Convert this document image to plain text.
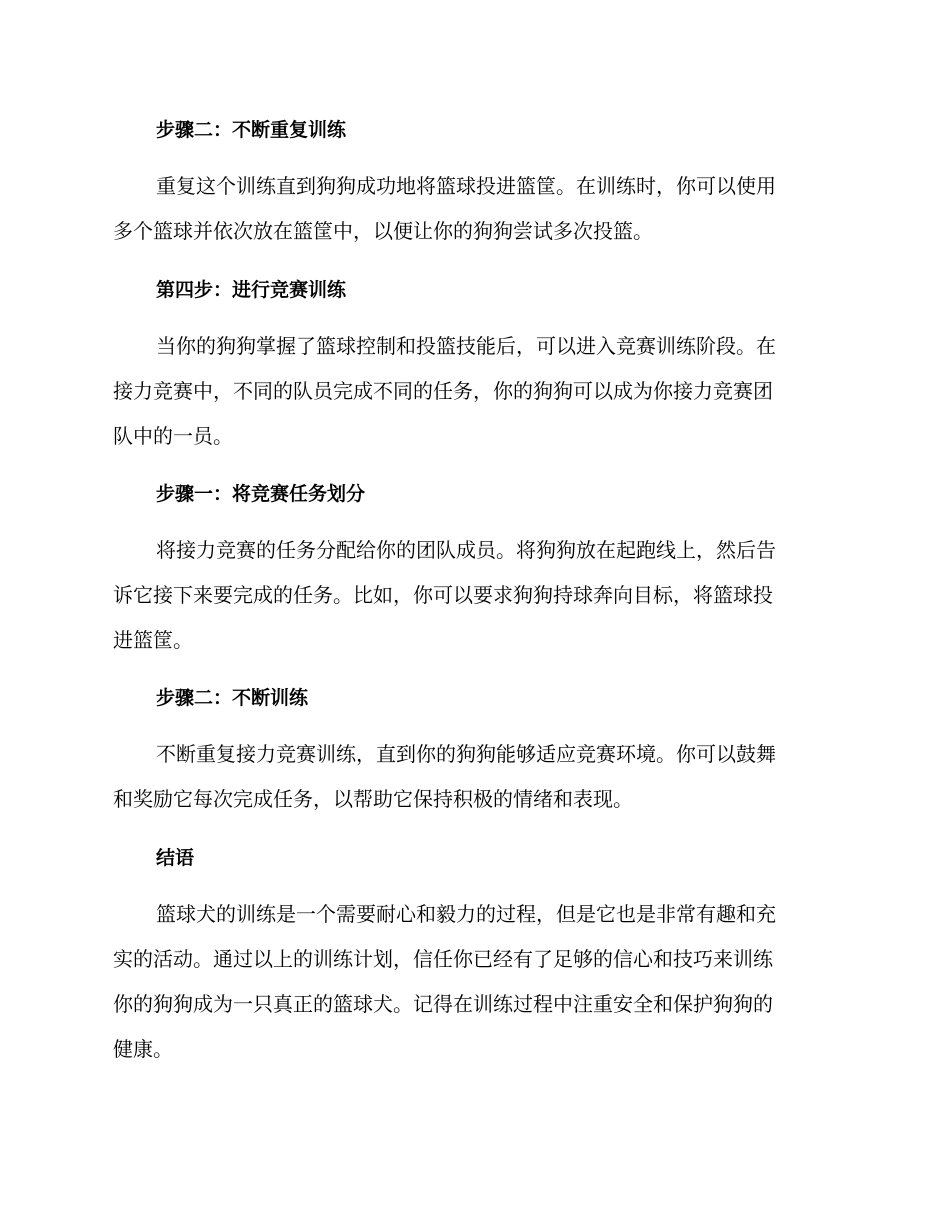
步骤二：不断重复训练
重复这个训练直到狗狗成功地将篮球投进篮筐。在训练时，你可以使用
多个篮球并依次放在篮筐中，以便让你的狗狗尝试多次投篮。
第四步：进行竞赛训练
当你的狗狗掌握了篮球控制和投篮技能后，可以进入竞赛训练阶段。在
接力竞赛中，不同的队员完成不同的任务，你的狗狗可以成为你接力竞赛团
队中的一员。
步骤一：将竞赛任务划分
将接力竞赛的任务分配给你的团队成员。将狗狗放在起跑线上，然后告
诉它接下来要完成的任务。比如，你可以要求狗狗持球奔向目标，将篮球投
进篮筐。
步骤二：不断训练
不断重复接力竞赛训练，直到你的狗狗能够适应竞赛环境。你可以鼓舞
和奖励它每次完成任务，以帮助它保持积极的情绪和表现。
结语
篮球犬的训练是一个需要耐心和毅力的过程，但是它也是非常有趣和充
实的活动。通过以上的训练计划，信任你已经有了足够的信心和技巧来训练
你的狗狗成为一只真正的篮球犬。记得在训练过程中注重安全和保护狗狗的
健康。
